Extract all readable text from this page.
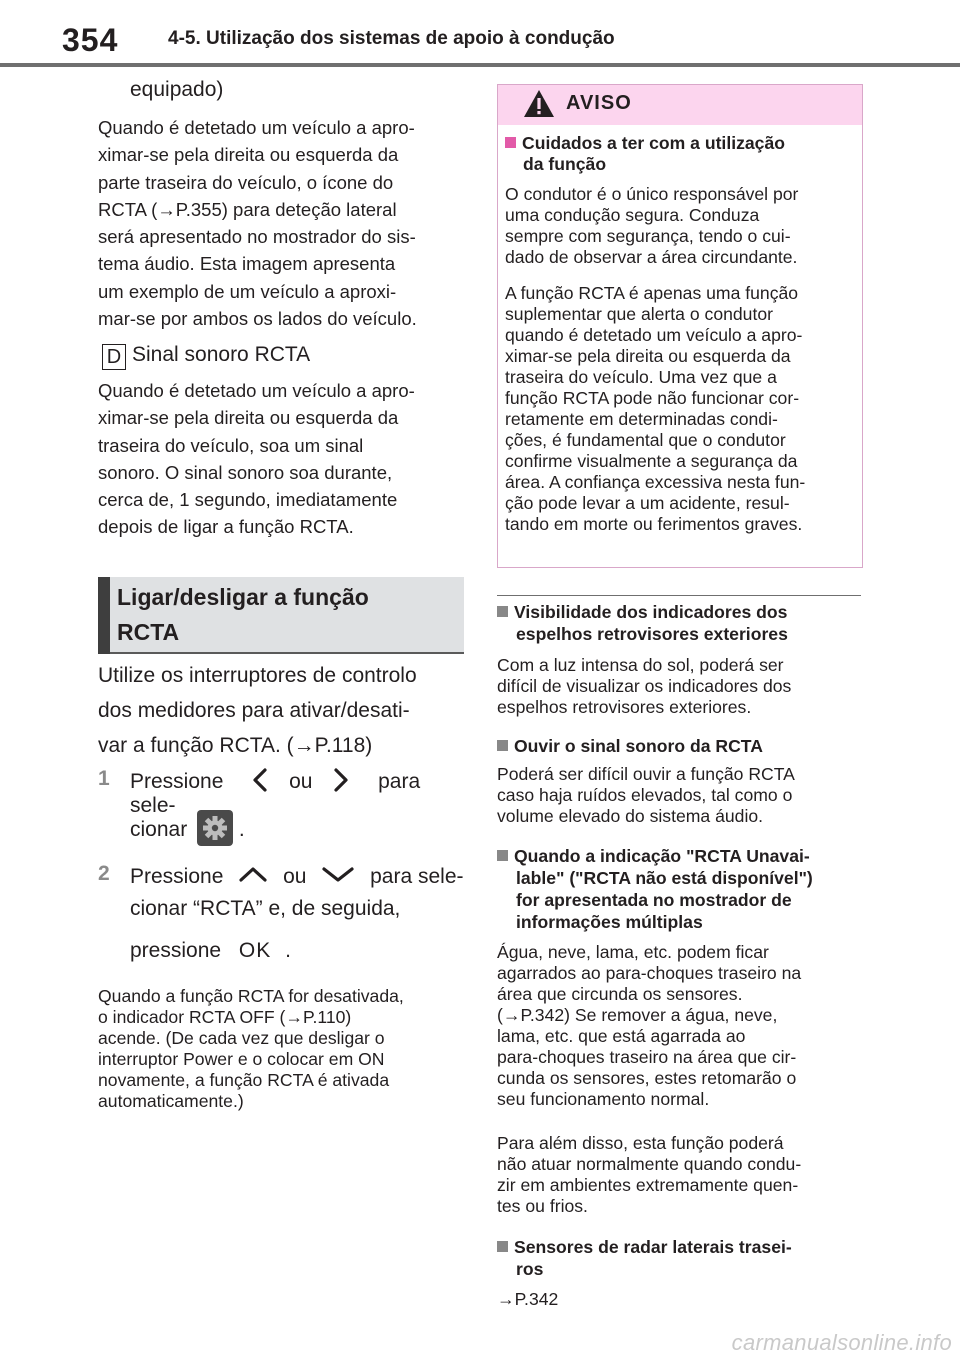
354	4-5. Utilização dos sistemas de apoio à condução
equipado)
Quando é detetado um veículo a apro-
ximar-se pela direita ou esquerda da
parte traseira do veículo, o ícone do
RCTA (→P.355) para deteção lateral
será apresentado no mostrador do sis-
tema áudio. Esta imagem apresenta
um exemplo de um veículo a aproxi-
mar-se por ambos os lados do veículo.
D Sinal sonoro RCTA
Quando é detetado um veículo a apro-
ximar-se pela direita ou esquerda da
traseira do veículo, soa um sinal
sonoro. O sinal sonoro soa durante,
cerca de, 1 segundo, imediatamente
depois de ligar a função RCTA.
Ligar/desligar a função
RCTA
Utilize os interruptores de controlo
dos medidores para ativar/desati-
var a função RCTA. (→P.118)
1 Pressione	ou	para sele-
cionar .
2 Pressione	ou	para sele-
cionar “RCTA” e, de seguida,
pressione OK .
Quando a função RCTA for desativada,
o indicador RCTA OFF (→P.110)
acende. (De cada vez que desligar o
interruptor Power e o colocar em ON
novamente, a função RCTA é ativada
automaticamente.)
AVISO
Cuidados a ter com a utilização
da função
O condutor é o único responsável por
uma condução segura. Conduza
sempre com segurança, tendo o cui-
dado de observar a área circundante.
A função RCTA é apenas uma função
suplementar que alerta o condutor
quando é detetado um veículo a apro-
ximar-se pela direita ou esquerda da
traseira do veículo. Uma vez que a
função RCTA pode não funcionar cor-
retamente em determinadas condi-
ções, é fundamental que o condutor
confirme visualmente a segurança da
área. A confiança excessiva nesta fun-
ção pode levar a um acidente, resul-
tando em morte ou ferimentos graves.
Visibilidade dos indicadores dos
espelhos retrovisores exteriores
Com a luz intensa do sol, poderá ser
difícil de visualizar os indicadores dos
espelhos retrovisores exteriores.
Ouvir o sinal sonoro da RCTA
Poderá ser difícil ouvir a função RCTA
caso haja ruídos elevados, tal como o
volume elevado do sistema áudio.
Quando a indicação "RCTA Unavai-
lable" ("RCTA não está disponível")
for apresentada no mostrador de
informações múltiplas
Água, neve, lama, etc. podem ficar
agarrados ao para-choques traseiro na
área que circunda os sensores.
(→P.342) Se remover a água, neve,
lama, etc. que está agarrada ao
para-choques traseiro na área que cir-
cunda os sensores, estes retomarão o
seu funcionamento normal.
Para além disso, esta função poderá
não atuar normalmente quando condu-
zir em ambientes extremamente quen-
tes ou frios.
Sensores de radar laterais trasei-
ros
→P.342
carmanualsonline.info
